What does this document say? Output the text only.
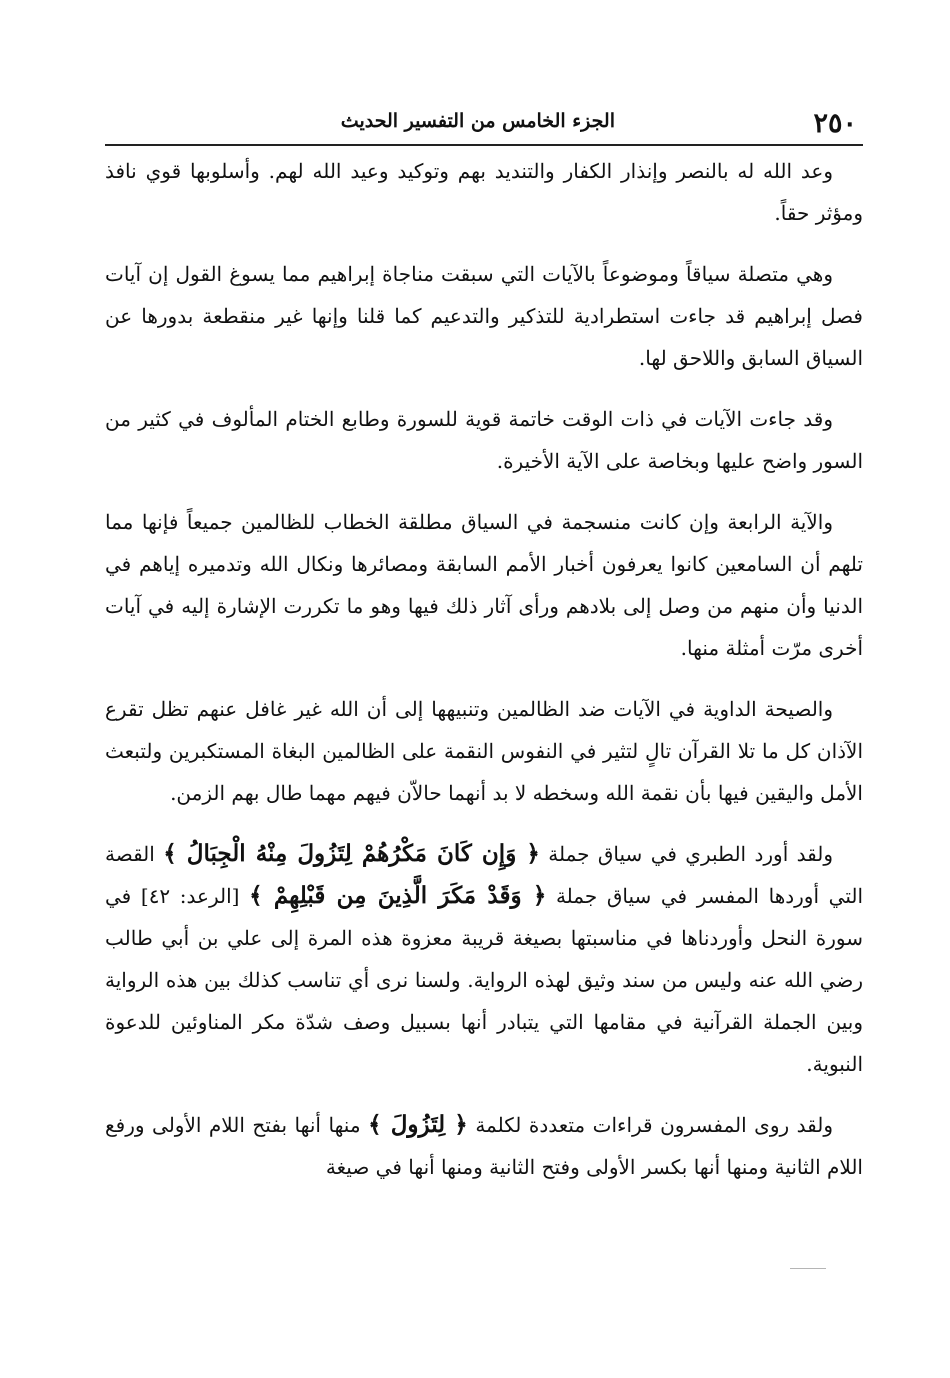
٢٥٠
الجزء الخامس من التفسير الحديث

وعد الله له بالنصر وإنذار الكفار والتنديد بهم وتوكيد وعيد الله لهم. وأسلوبها قوي نافذ ومؤثر حقاً.

وهي متصلة سياقاً وموضوعاً بالآيات التي سبقت مناجاة إبراهيم مما يسوغ القول إن آيات فصل إبراهيم قد جاءت استطرادية للتذكير والتدعيم كما قلنا وإنها غير منقطعة بدورها عن السياق السابق واللاحق لها.

وقد جاءت الآيات في ذات الوقت خاتمة قوية للسورة وطابع الختام المألوف في كثير من السور واضح عليها وبخاصة على الآية الأخيرة.

والآية الرابعة وإن كانت منسجمة في السياق مطلقة الخطاب للظالمين جميعاً فإنها مما تلهم أن السامعين كانوا يعرفون أخبار الأمم السابقة ومصائرها ونكال الله وتدميره إياهم في الدنيا وأن منهم من وصل إلى بلادهم ورأى آثار ذلك فيها وهو ما تكررت الإشارة إليه في آيات أخرى مرّت أمثلة منها.

والصيحة الداوية في الآيات ضد الظالمين وتنبيهها إلى أن الله غير غافل عنهم تظل تقرع الآذان كل ما تلا القرآن تالٍ لتثير في النفوس النقمة على الظالمين البغاة المستكبرين ولتبعث الأمل واليقين فيها بأن نقمة الله وسخطه لا بد أنهما حالاّن فيهم مهما طال بهم الزمن.

ولقد أورد الطبري في سياق جملة ﴿ وَإِن كَانَ مَكْرُهُمْ لِتَزُولَ مِنْهُ الْجِبَالُ ﴾ القصة التي أوردها المفسر في سياق جملة ﴿ وَقَدْ مَكَرَ الَّذِينَ مِن قَبْلِهِمْ ﴾ [الرعد: ٤٢] في سورة النحل وأوردناها في مناسبتها بصيغة قريبة معزوة هذه المرة إلى علي بن أبي طالب رضي الله عنه وليس من سند وثيق لهذه الرواية. ولسنا نرى أي تناسب كذلك بين هذه الرواية وبين الجملة القرآنية في مقامها التي يتبادر أنها بسبيل وصف شدّة مكر المناوئين للدعوة النبوية.

ولقد روى المفسرون قراءات متعددة لكلمة ﴿ لِتَزُولَ ﴾ منها أنها بفتح اللام الأولى ورفع اللام الثانية ومنها أنها بكسر الأولى وفتح الثانية ومنها أنها في صيغة
